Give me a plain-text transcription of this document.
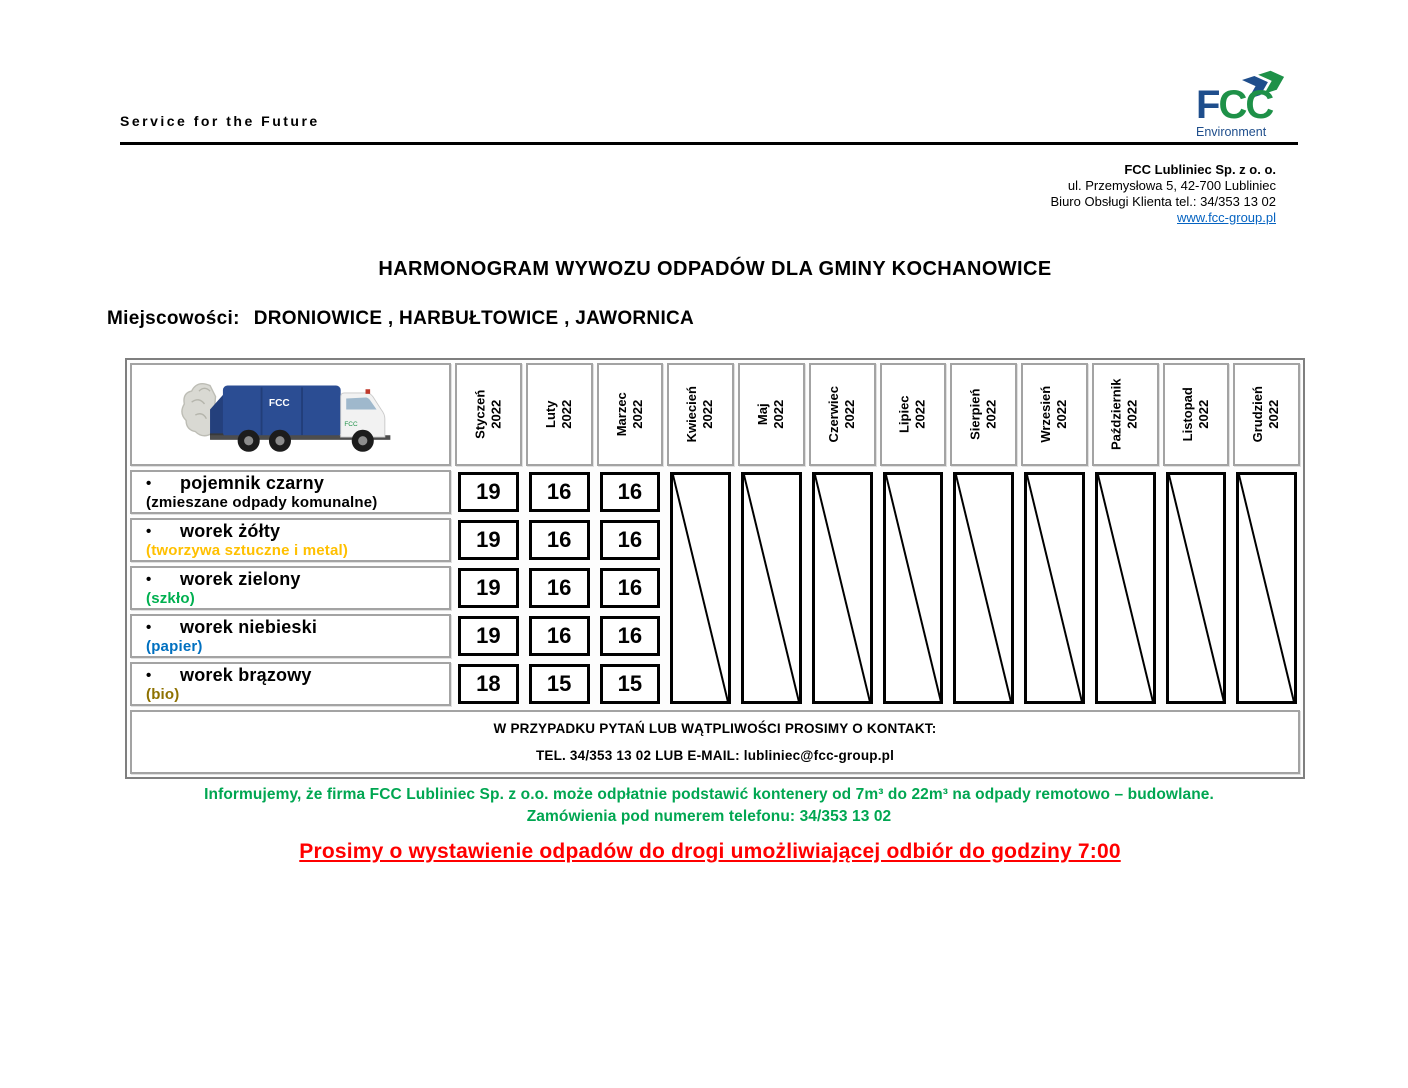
Service for the Future	FCC
Environment
FCC Lubliniec Sp. z o. o.
ul. Przemysłowa 5, 42-700 Lubliniec
Biuro Obsługi Klienta tel.: 34/353 13 02
www.fcc-group.pl
HARMONOGRAM WYWOZU ODPADÓW DLA GMINY KOCHANOWICE
Miejscowości: DRONIOWICE , HARBUŁTOWICE , JAWORNICA
FCC
FCC	Styczeń 2022	Luty 2022	Marzec 2022	Kwiecień 2022	Maj 2022	Czerwiec 2022	Lipiec 2022	Sierpień 2022	Wrzesień 2022	Październik 2022	Listopad 2022	Grudzień 2022
• pojemnik czarny
(zmieszane odpady komunalne)	19	16	16
• worek żółty
(tworzywa sztuczne i metal)	19	16	16
• worek zielony
(szkło)	19	16	16
• worek niebieski
(papier)	19	16	16
• worek brązowy
(bio)	18	15	15
W PRZYPADKU PYTAŃ LUB WĄTPLIWOŚCI PROSIMY O KONTAKT:
TEL. 34/353 13 02 LUB E-MAIL: lubliniec@fcc-group.pl
Informujemy, że firma FCC Lubliniec Sp. z o.o. może odpłatnie podstawić kontenery od 7m³ do 22m³ na odpady remotowo – budowlane.
Zamówienia pod numerem telefonu: 34/353 13 02
Prosimy o wystawienie odpadów do drogi umożliwiającej odbiór do godziny 7:00
